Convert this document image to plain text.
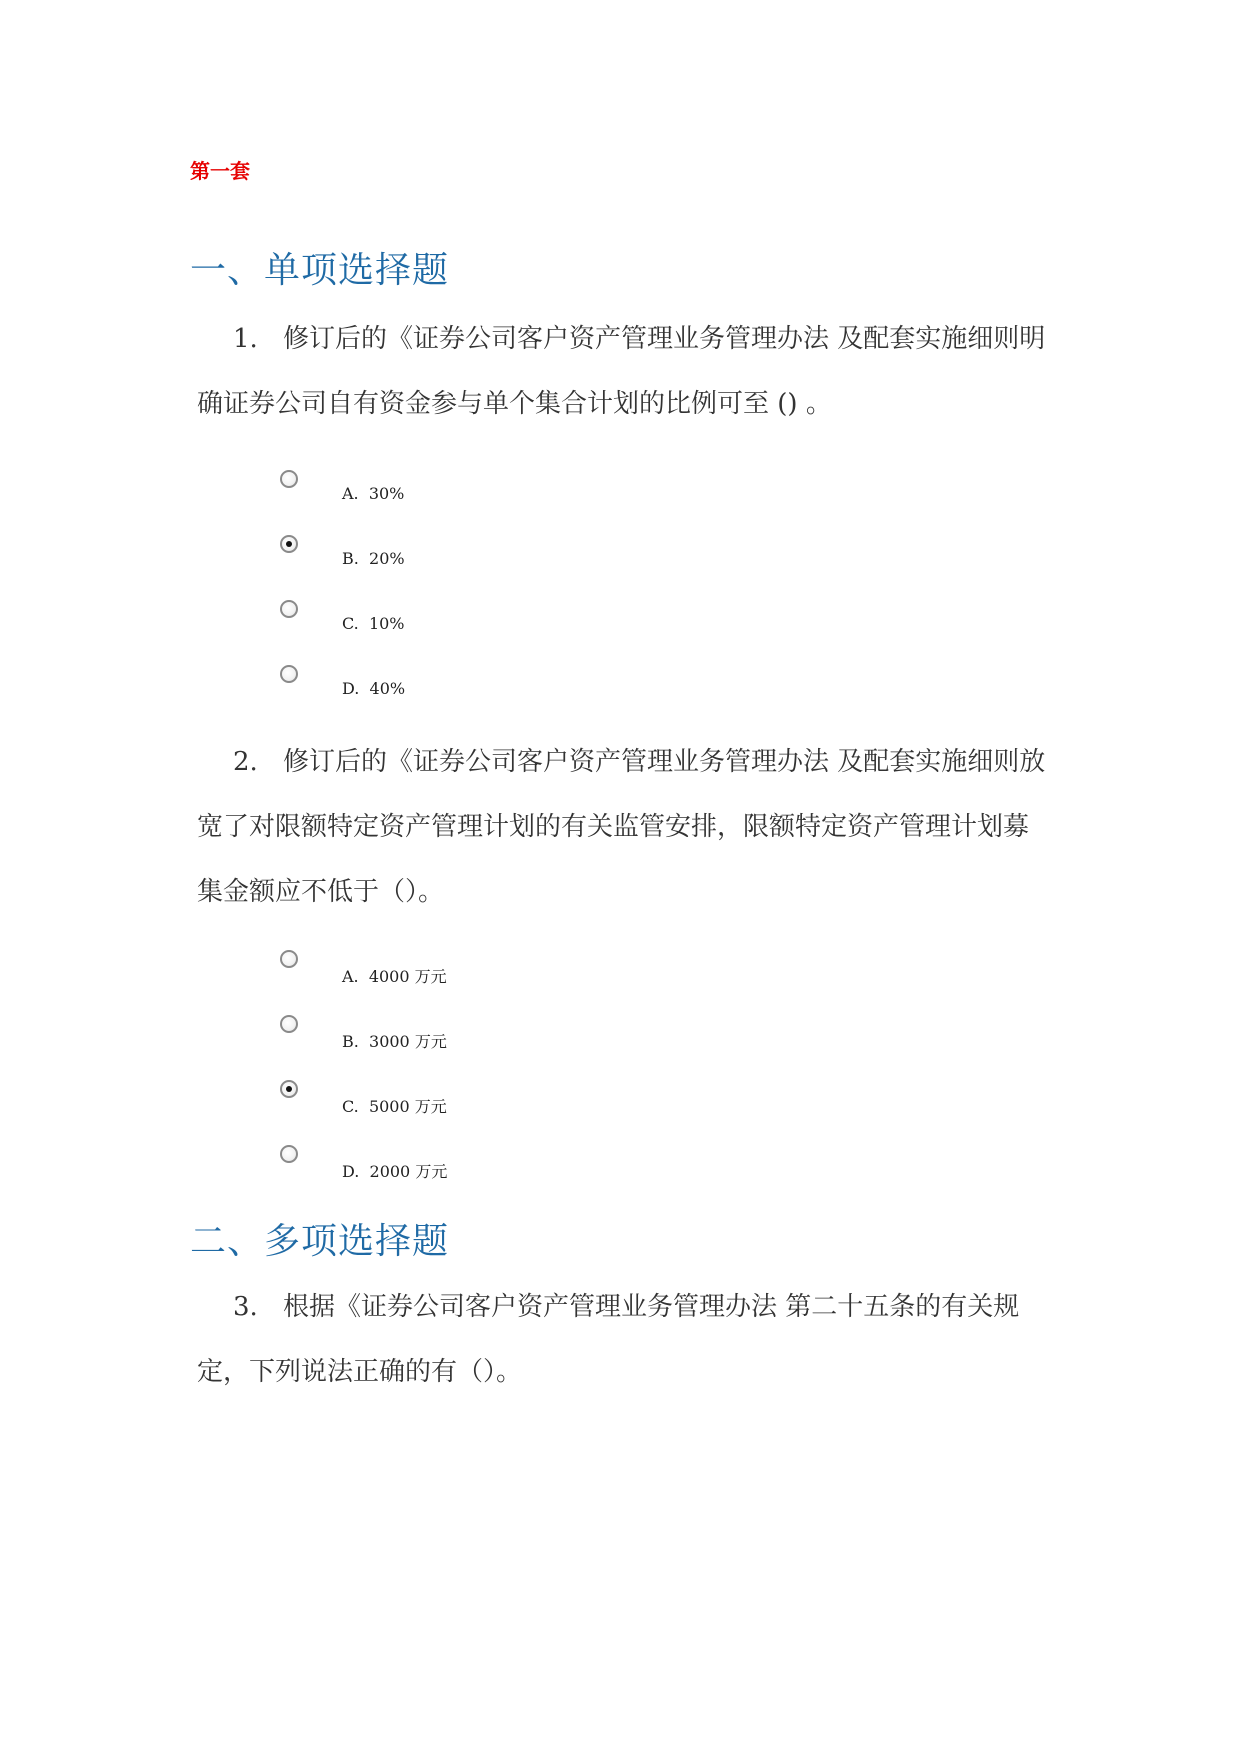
第一套
一、单项选择题
1. 修订后的《证券公司客户资产管理业务管理办法 及配套实施细则明确证券公司自有资金参与单个集合计划的比例可至 () 。
A. 30%
B. 20%
C. 10%
D. 40%
2. 修订后的《证券公司客户资产管理业务管理办法 及配套实施细则放宽了对限额特定资产管理计划的有关监管安排，限额特定资产管理计划募集金额应不低于（）。
A. 4000 万元
B. 3000 万元
C. 5000 万元
D. 2000 万元
二、多项选择题
3. 根据《证券公司客户资产管理业务管理办法 第二十五条的有关规定，下列说法正确的有（）。
